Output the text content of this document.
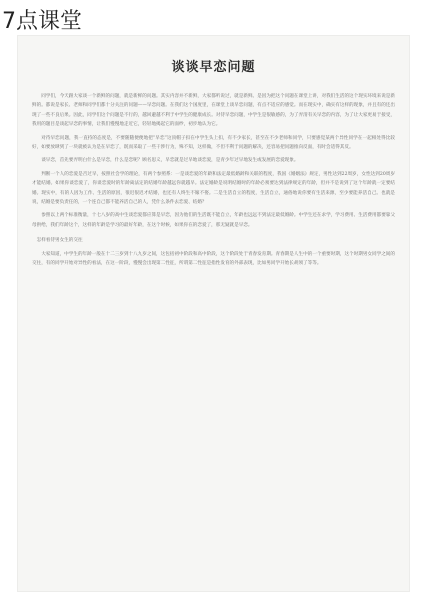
7点课堂
谈谈早恋问题

同学们，今天跟大家谈一个新鲜的问题，就是新鲜的问题。其实内容并不新鲜，大家都听说过，就是新鲜。是因为把这个问题在课堂上讲，对我们生活的这个现实环境来说是新鲜的。都说是家长、老师和同学们都十分关注的问题——早恋问题。在我们这个国度里，在课堂上谈早恋问题，有点不适应的感觉。而在现实中，确实有这样的现象，并且有的还出现了一些不良后果。因此，同学们这个问题是不行的，越回避越不利于中学生的健康成长。对待早恋问题，中学生是很敏感的，为了弄清有关早恋的内容，为了让大家更易于接受，我用的题目是谈起早恋的事情，让我们慢慢地走近它，轻轻地揭起它的面纱，初步地认为它。

对待早恋问题，我一直持的态度是，不要随随便便地把“早恋”这顶帽子扣在中学生头上扣，有不少家长，甚至在不少老师和同学，只要感觉某两个异性同学在一起相处得比较好，如要放肆到了一块就被认为是在早恋了，既而采取了一些干涉行为，殊不知，这样做，不但不利于问题的解决，还容易把问题推向反面，有时会适得其反。

谈早恋，首先要弄明白什么是早恋，什么是恋呢？顾名思义，早恋就是过早地谈恋爱，是青少年过早地发生或发展的恋爱现象。

判断一个人的恋爱是否过早，按照社会学的理论，有两个参照系：一是谈恋爱的年龄和法定最低婚龄和关联的程度，我国《婚姻法》规定，男性达到22周岁，女性达到20周岁才能结婚。如果你谈恋爱了，你谈恋爱时的年龄离法定的结婚年龄越远你就越早。法定婚龄是说明结婚时的年龄必须要达到法律规定的年龄，但并不是说到了这个年龄就一定要结婚。现实中，有的人因为工作、生活的原因，很迟很迟才结婚，也还有人终生不嫁不娶。二是生活自立的程度，生活自立，通俗地说你要有生活来源，至少要能养活自己。也就是说，结婚是要负责任的，一个连自己都不能养活自己的人，凭什么条件去恋爱、结婚？

参照以上两个标准衡量，十七八岁的高中生谈恋爱都应算是早恋，因为他们的生活既不能自立，年龄也远远不到法定最低婚龄。中学生还在求学，学习费用、生活费用都要靠父母供给，我们年龄这个，这样的年龄是学习的最好年龄，在这个时候，如果你在的恋爱了，那无疑就是早恋。

怎样看待男女生的交往

大家知道，中学生的年龄一般在十二三岁到十八九岁之间，这包括初中阶段和高中阶段，这个阶段处于青春发育期。青春期是人生中的一个重要时期，这个时期男女同学之间的交往，有的同学开始对异性的看法，在这一阶段，慢慢会出现第二性征，所谓第二性征是指性发育的外部表现，比如男同学开始长胡须了等等。
